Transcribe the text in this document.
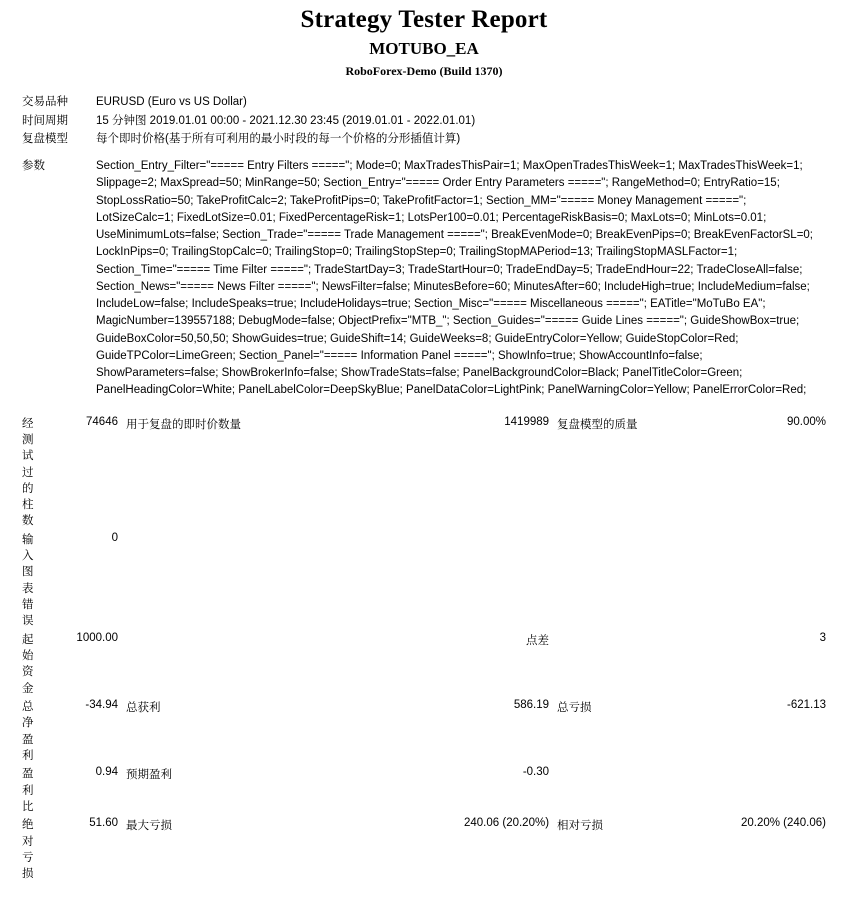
Strategy Tester Report
MOTUBO_EA
RoboForex-Demo (Build 1370)
交易品种	EURUSD (Euro vs US Dollar)
时间周期	15 分钟图 2019.01.01 00:00 - 2021.12.30 23:45 (2019.01.01 - 2022.01.01)
复盘模型	每个即时价格(基于所有可利用的最小时段的每一个价格的分形插值计算)

参数	Section_Entry_Filter="===== Entry Filters ====="; Mode=0; MaxTradesThisPair=1; MaxOpenTradesThisWeek=1; MaxTradesThisWeek=1; Slippage=2; MaxSpread=50; MinRange=50; Section_Entry="===== Order Entry Parameters ====="; RangeMethod=0; EntryRatio=15; StopLossRatio=50; TakeProfitCalc=2; TakeProfitPips=0; TakeProfitFactor=1; Section_MM="===== Money Management ====="; LotSizeCalc=1; FixedLotSize=0.01; FixedPercentageRisk=1; LotsPer100=0.01; PercentageRiskBasis=0; MaxLots=0; MinLots=0.01; UseMinimumLots=false; Section_Trade="===== Trade Management ====="; BreakEvenMode=0; BreakEvenPips=0; BreakEvenFactorSL=0; LockInPips=0; TrailingStopCalc=0; TrailingStop=0; TrailingStopStep=0; TrailingStopMAPeriod=13; TrailingStopMASLFactor=1; Section_Time="===== Time Filter ====="; TradeStartDay=3; TradeStartHour=0; TradeEndDay=5; TradeEndHour=22; TradeCloseAll=false; Section_News="===== News Filter ====="; NewsFilter=false; MinutesBefore=60; MinutesAfter=60; IncludeHigh=true; IncludeMedium=false; IncludeLow=false; IncludeSpeaks=true; IncludeHolidays=true; Section_Misc="===== Miscellaneous ====="; EATitle="MoTuBo EA"; MagicNumber=139557188; DebugMode=false; ObjectPrefix="MTB_"; Section_Guides="===== Guide Lines ====="; GuideShowBox=true; GuideBoxColor=50,50,50; ShowGuides=true; GuideShift=14; GuideWeeks=8; GuideEntryColor=Yellow; GuideStopColor=Red; GuideTPColor=LimeGreen; Section_Panel="===== Information Panel ====="; ShowInfo=true; ShowAccountInfo=false; ShowParameters=false; ShowBrokerInfo=false; ShowTradeStats=false; PanelBackgroundColor=Black; PanelTitleColor=Green; PanelHeadingColor=White; PanelLabelColor=DeepSkyBlue; PanelDataColor=LightPink; PanelWarningColor=Yellow; PanelErrorColor=Red;
经测试过的柱数	74646	用于复盘的即时价数量	1419989	复盘模型的质量	90.00%
输入图表错误	0				
起始资金	1000.00		点差		3
总净盈利	-34.94	总获利	586.19	总亏损	-621.13
盈利比	0.94	预期盈利	-0.30		
绝对亏损	51.60	最大亏损	240.06 (20.20%)	相对亏损	20.20% (240.06)
